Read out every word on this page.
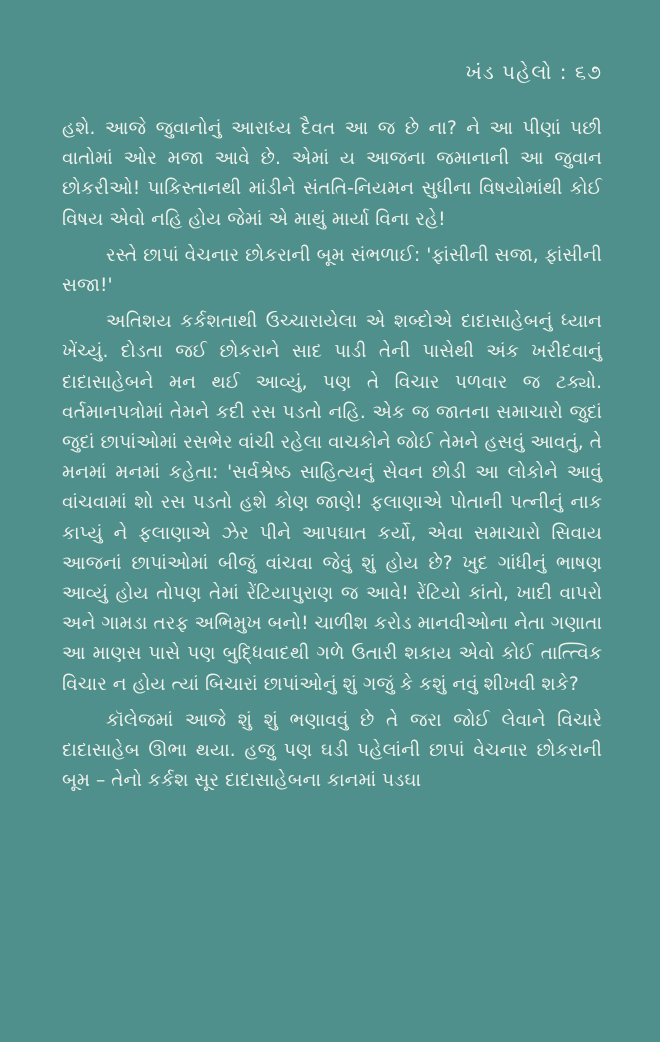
ખંડ પહેલો : ૬૭

હશે. આજે જુવાનોનું આરાધ્ય દૈવત આ જ છે ના? ને આ પીણાં પછી વાતોમાં ઓર મજા આવે છે. એમાં ય આજના જમાનાની આ જુવાન છોકરીઓ! પાકિસ્તાનથી માંડીને સંતતિ-નિયમન સુધીના વિષયોમાંથી કોઈ વિષય એવો નહિ હોય જેમાં એ માથું માર્યા વિના રહે!

રસ્તે છાપાં વેચનાર છોકરાની બૂમ સંભળાઈ: 'ફાંસીની સજા, ફાંસીની સજા!'

અતિશય કર્કશતાથી ઉચ્ચારાયેલા એ શબ્દોએ દાદાસાહેબનું ધ્યાન ખેંચ્યું. દોડતા જઈ છોકરાને સાદ પાડી તેની પાસેથી અંક ખરીદવાનું દાદાસાહેબને મન થઈ આવ્યું, પણ તે વિચાર પળવાર જ ટક્યો. વર્તમાનપત્રોમાં તેમને કદી રસ પડતો નહિ. એક જ જાતના સમાચારો જુદાં જુદાં છાપાંઓમાં રસભેર વાંચી રહેલા વાચકોને જોઈ તેમને હસવું આવતું, તે મનમાં મનમાં કહેતા: 'સર્વશ્રેષ્ઠ સાહિત્યનું સેવન છોડી આ લોકોને આવું વાંચવામાં શો રસ પડતો હશે કોણ જાણે! ફલાણાએ પોતાની પત્નીનું નાક કાપ્યું ને ફલાણાએ ઝેર પીને આપઘાત કર્યો, એવા સમાચારો સિવાય આજનાં છાપાંઓમાં બીજું વાંચવા જેવું શું હોય છે? ખુદ ગાંધીનું ભાષણ આવ્યું હોય તોપણ તેમાં રેંટિયાપુરાણ જ આવે! રેંટિયો કાંતો, ખાદી વાપરો અને ગામડા તરફ અભિમુખ બનો! ચાળીશ કરોડ માનવીઓના નેતા ગણાતા આ માણસ પાસે પણ બુદ્ધિવાદથી ગળે ઉતારી શકાય એવો કોઈ તાત્ત્વિક વિચાર ન હોય ત્યાં બિચારાં છાપાંઓનું શું ગજું કે કશું નવું શીખવી શકે?

કૉલેજમાં આજે શું શું ભણાવવું છે તે જરા જોઈ લેવાને વિચારે દાદાસાહેબ ઊભા થયા. હજુ પણ ઘડી પહેલાંની છાપાં વેચનાર છોકરાની બૂમ – તેનો કર્કશ સૂર દાદાસાહેબના કાનમાં પડઘા
